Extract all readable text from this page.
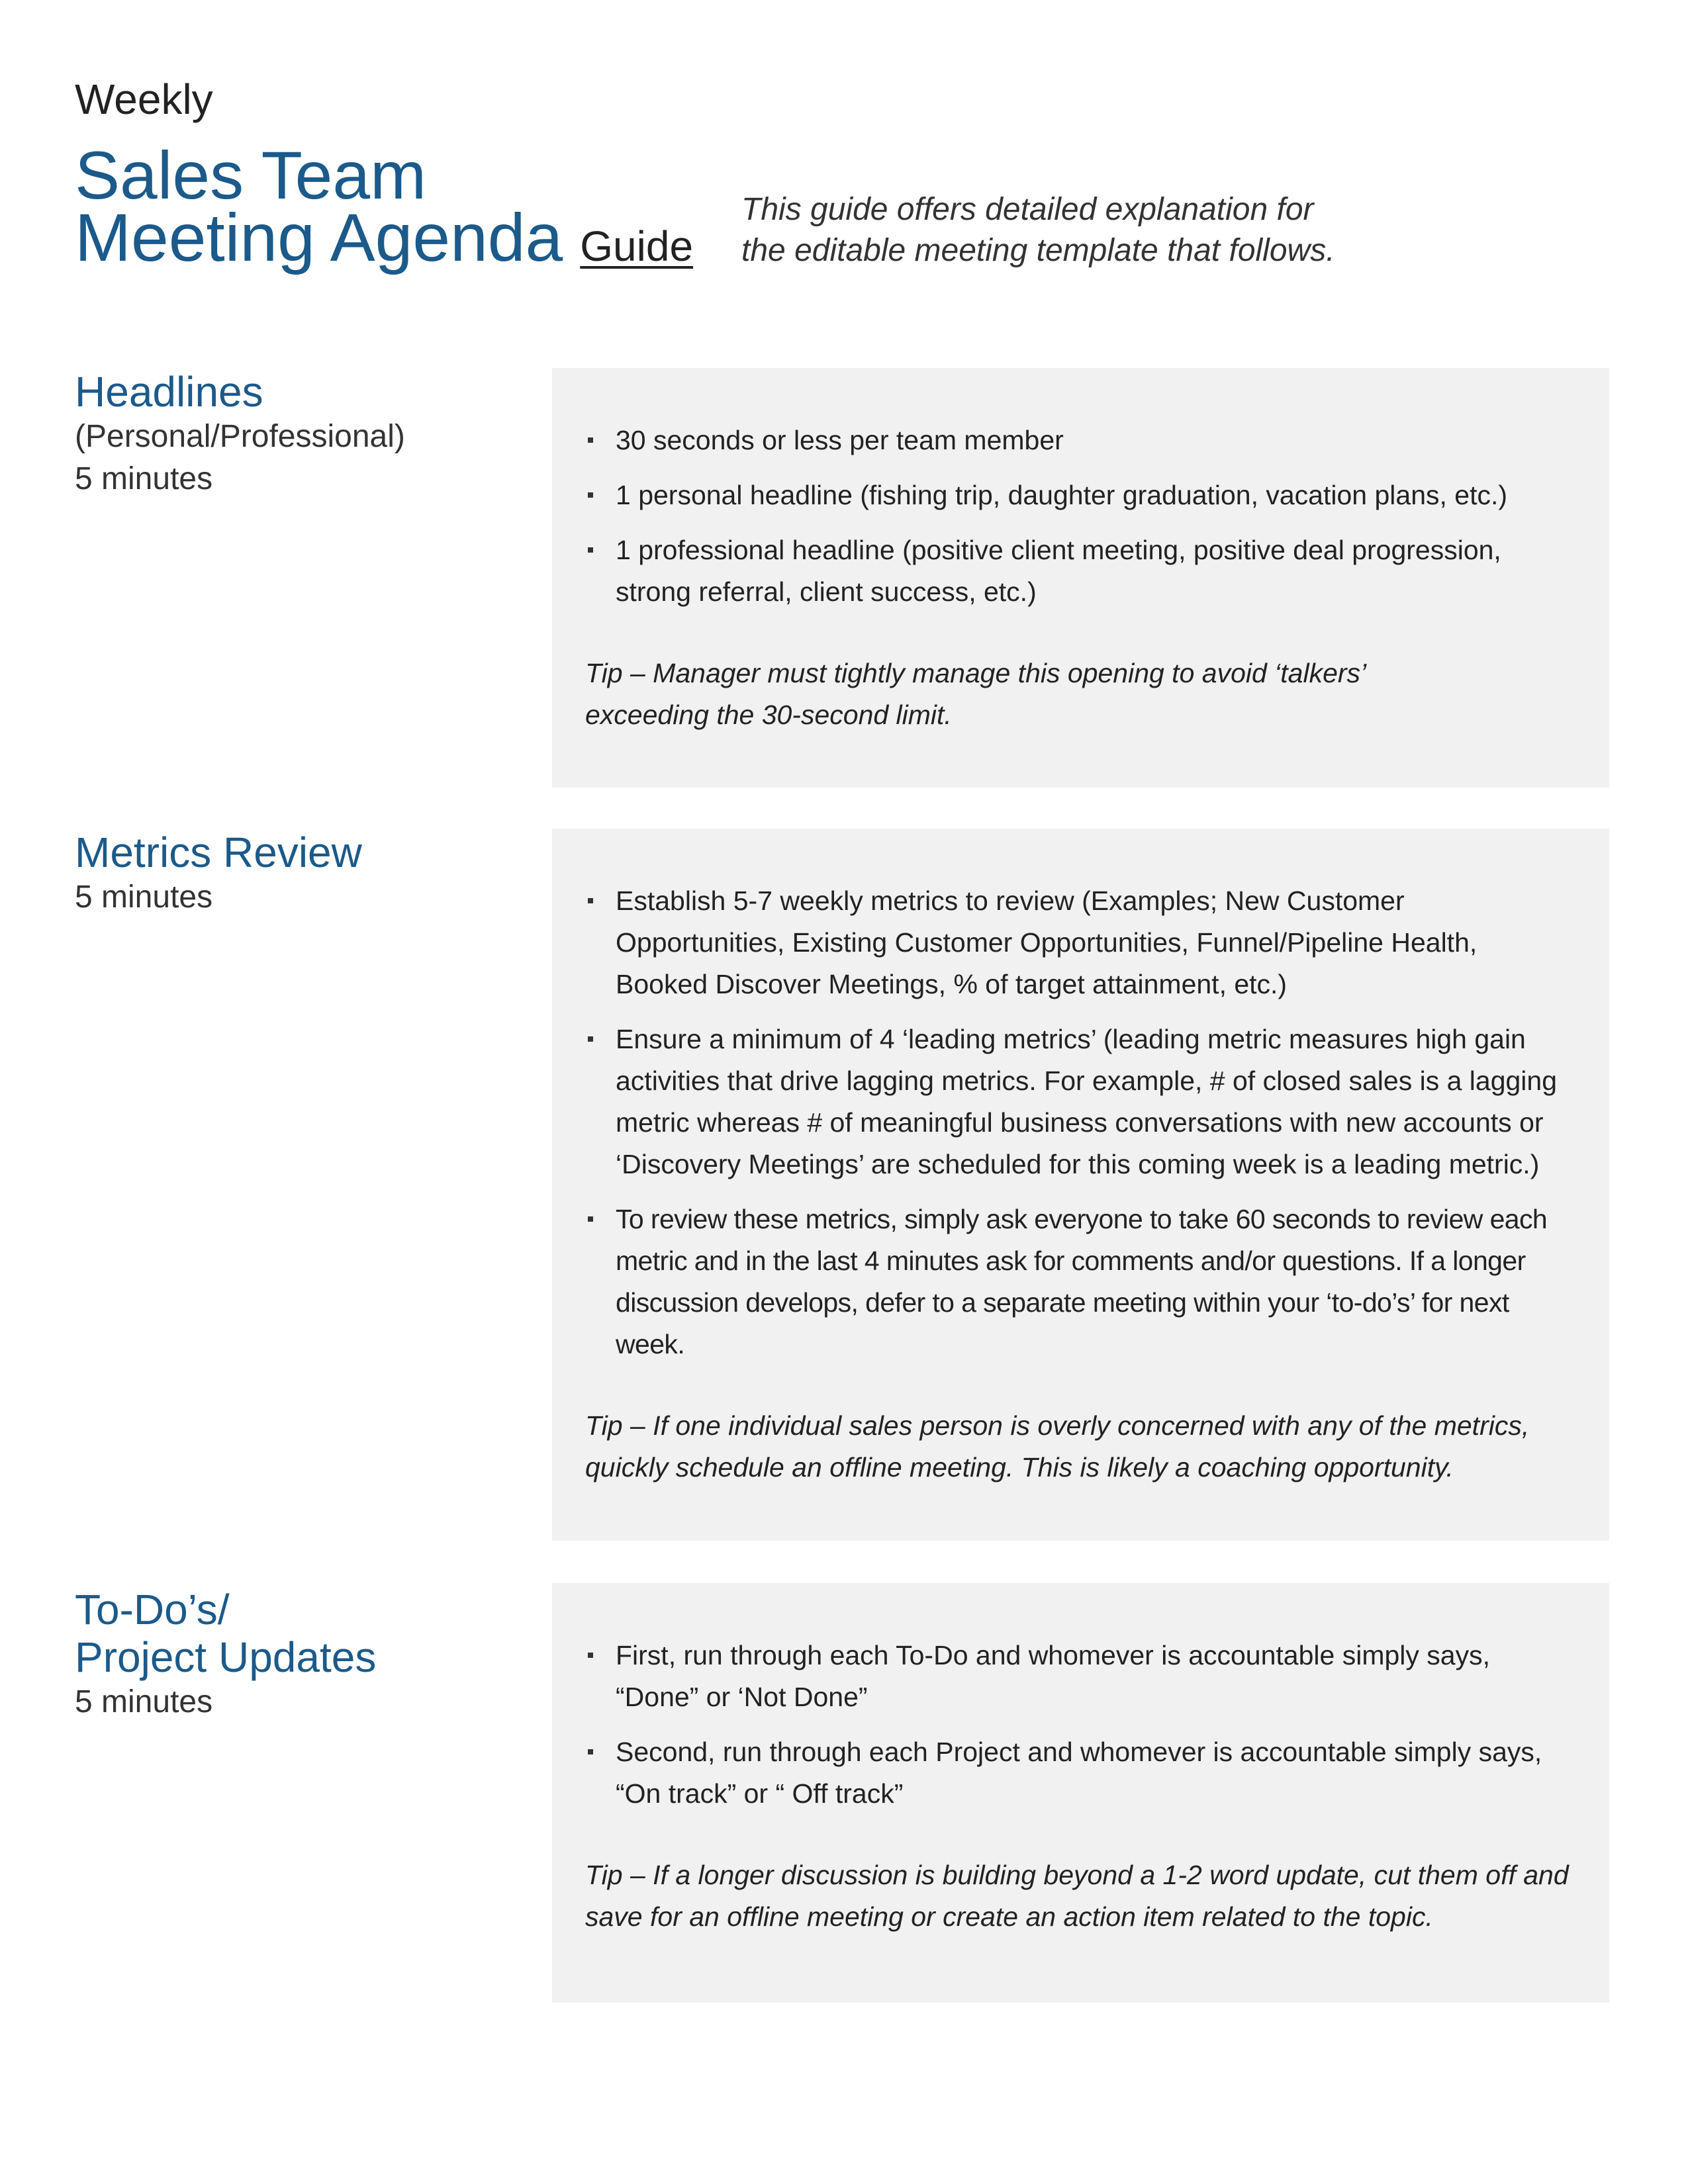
Weekly
Sales Team
Meeting Agenda Guide
This guide offers detailed explanation for
the editable meeting template that follows.
Headlines
(Personal/Professional)
5 minutes
30 seconds or less per team member
1 personal headline (fishing trip, daughter graduation, vacation plans, etc.)
1 professional headline (positive client meeting, positive deal progression, strong referral, client success, etc.)
Tip – Manager must tightly manage this opening to avoid ‘talkers’ exceeding the 30-second limit.
Metrics Review
5 minutes	Establish 5-7 weekly metrics to review (Examples; New Customer Opportunities, Existing Customer Opportunities, Funnel/Pipeline Health, Booked Discover Meetings, % of target attainment, etc.)
Ensure a minimum of 4 ‘leading metrics’ (leading metric measures high gain activities that drive lagging metrics. For example, # of closed sales is a lagging metric whereas # of meaningful business conversations with new accounts or ‘Discovery Meetings’ are scheduled for this coming week is a leading metric.)
To review these metrics, simply ask everyone to take 60 seconds to review each metric and in the last 4 minutes ask for comments and/or questions. If a longer discussion develops, defer to a separate meeting within your ‘to-do’s’ for next week.
Tip – If one individual sales person is overly concerned with any of the metrics, quickly schedule an offline meeting. This is likely a coaching opportunity.
To-Do’s/
Project Updates
5 minutes
First, run through each To-Do and whomever is accountable simply says, “Done” or ‘Not Done”
Second, run through each Project and whomever is accountable simply says, “On track” or “ Off track”
Tip – If a longer discussion is building beyond a 1-2 word update, cut them off and save for an offline meeting or create an action item related to the topic.
